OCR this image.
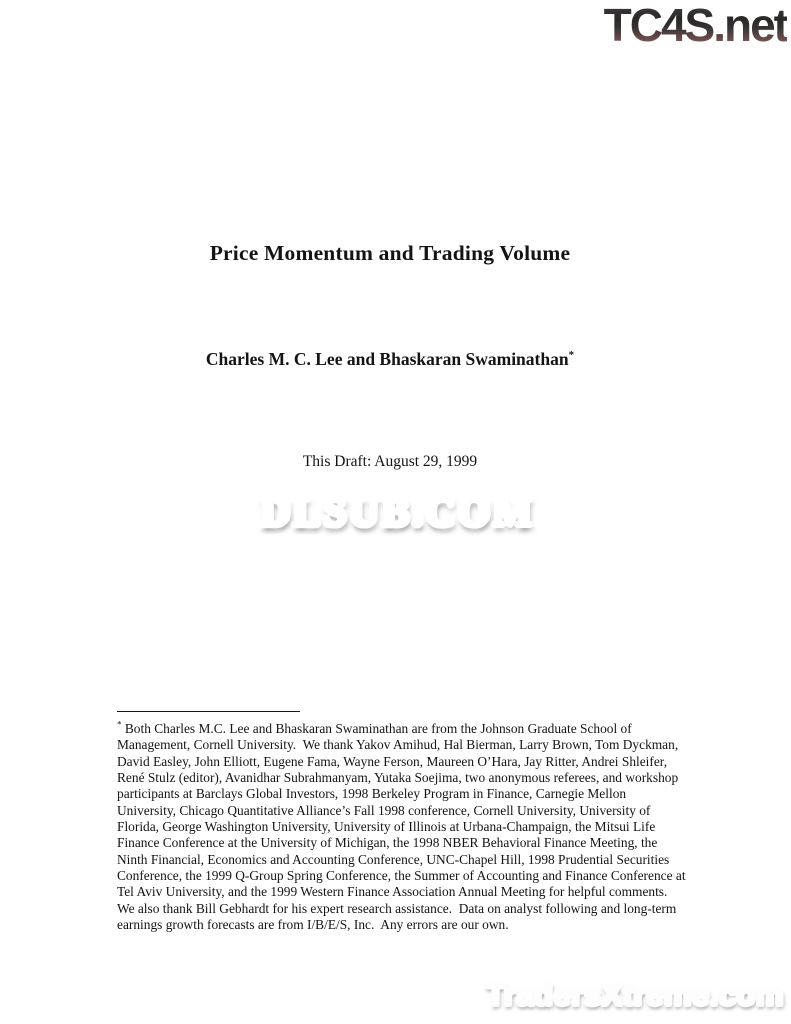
TC4S.net
Price Momentum and Trading Volume
Charles M. C. Lee and Bhaskaran Swaminathan*
This Draft: August 29, 1999
DLSUB.COM
* Both Charles M.C. Lee and Bhaskaran Swaminathan are from the Johnson Graduate School of
Management, Cornell University.  We thank Yakov Amihud, Hal Bierman, Larry Brown, Tom Dyckman,
David Easley, John Elliott, Eugene Fama, Wayne Ferson, Maureen O’Hara, Jay Ritter, Andrei Shleifer,
René Stulz (editor), Avanidhar Subrahmanyam, Yutaka Soejima, two anonymous referees, and workshop
participants at Barclays Global Investors, 1998 Berkeley Program in Finance, Carnegie Mellon
University, Chicago Quantitative Alliance’s Fall 1998 conference, Cornell University, University of
Florida, George Washington University, University of Illinois at Urbana-Champaign, the Mitsui Life
Finance Conference at the University of Michigan, the 1998 NBER Behavioral Finance Meeting, the
Ninth Financial, Economics and Accounting Conference, UNC-Chapel Hill, 1998 Prudential Securities
Conference, the 1999 Q-Group Spring Conference, the Summer of Accounting and Finance Conference at
Tel Aviv University, and the 1999 Western Finance Association Annual Meeting for helpful comments.
We also thank Bill Gebhardt for his expert research assistance.  Data on analyst following and long-term
earnings growth forecasts are from I/B/E/S, Inc.  Any errors are our own.
TradersXtreme.com
